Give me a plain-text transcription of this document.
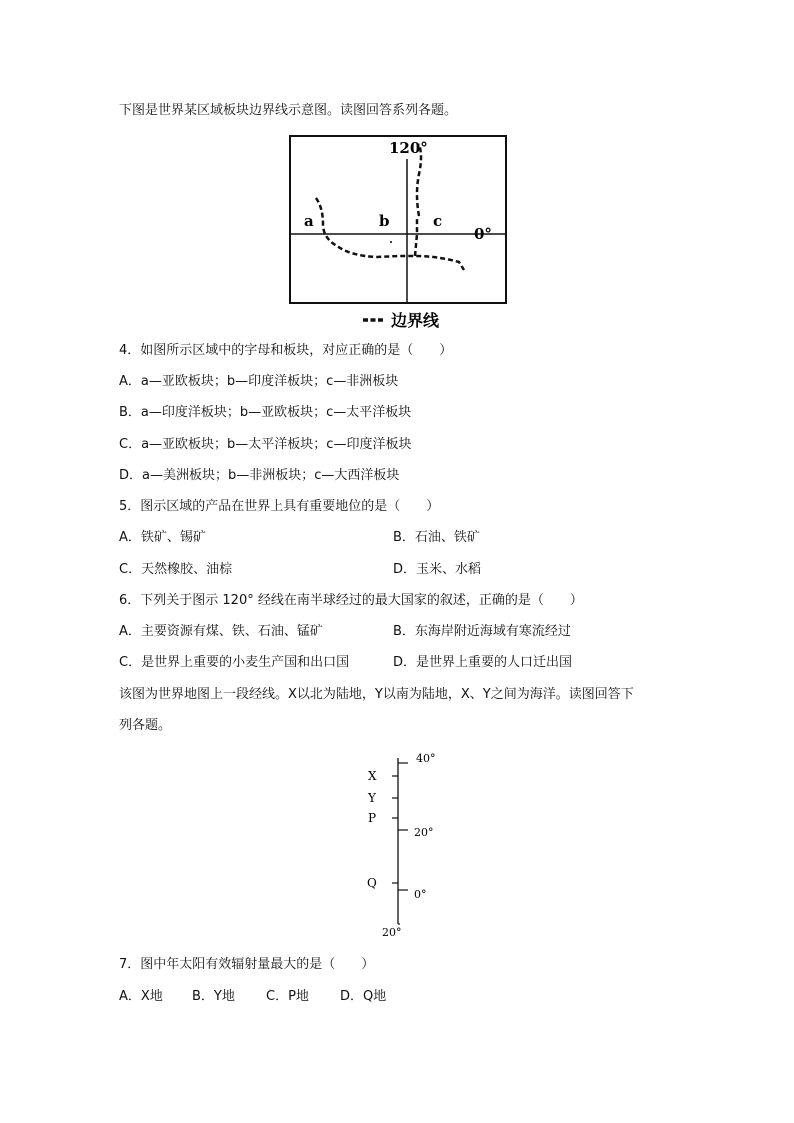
下图是世界某区域板块边界线示意图。读图回答系列各题。
120°
0°
a	b	c
边界线
4．如图所示区域中的字母和板块，对应正确的是（　　）
A．a—亚欧板块；b—印度洋板块；c—非洲板块
B．a—印度洋板块；b—亚欧板块；c—太平洋板块
C．a—亚欧板块；b—太平洋板块；c—印度洋板块
D．a—美洲板块；b—非洲板块；c—大西洋板块
5．图示区域的产品在世界上具有重要地位的是（　　）
A．铁矿、锡矿	B．石油、铁矿
C．天然橡胶、油棕	D．玉米、水稻
6．下列关于图示 120° 经线在南半球经过的最大国家的叙述，正确的是（　　）
A．主要资源有煤、铁、石油、锰矿	B．东海岸附近海域有寒流经过
C．是世界上重要的小麦生产国和出口国	D．是世界上重要的人口迁出国
该图为世界地图上一段经线。X以北为陆地，Y以南为陆地，X、Y之间为海洋。读图回答下
列各题。
40°
20°
0°
20°
X
Y
P
Q
7．图中年太阳有效辐射量最大的是（　　）
A．X地 B．Y地 C．P地 D．Q地
